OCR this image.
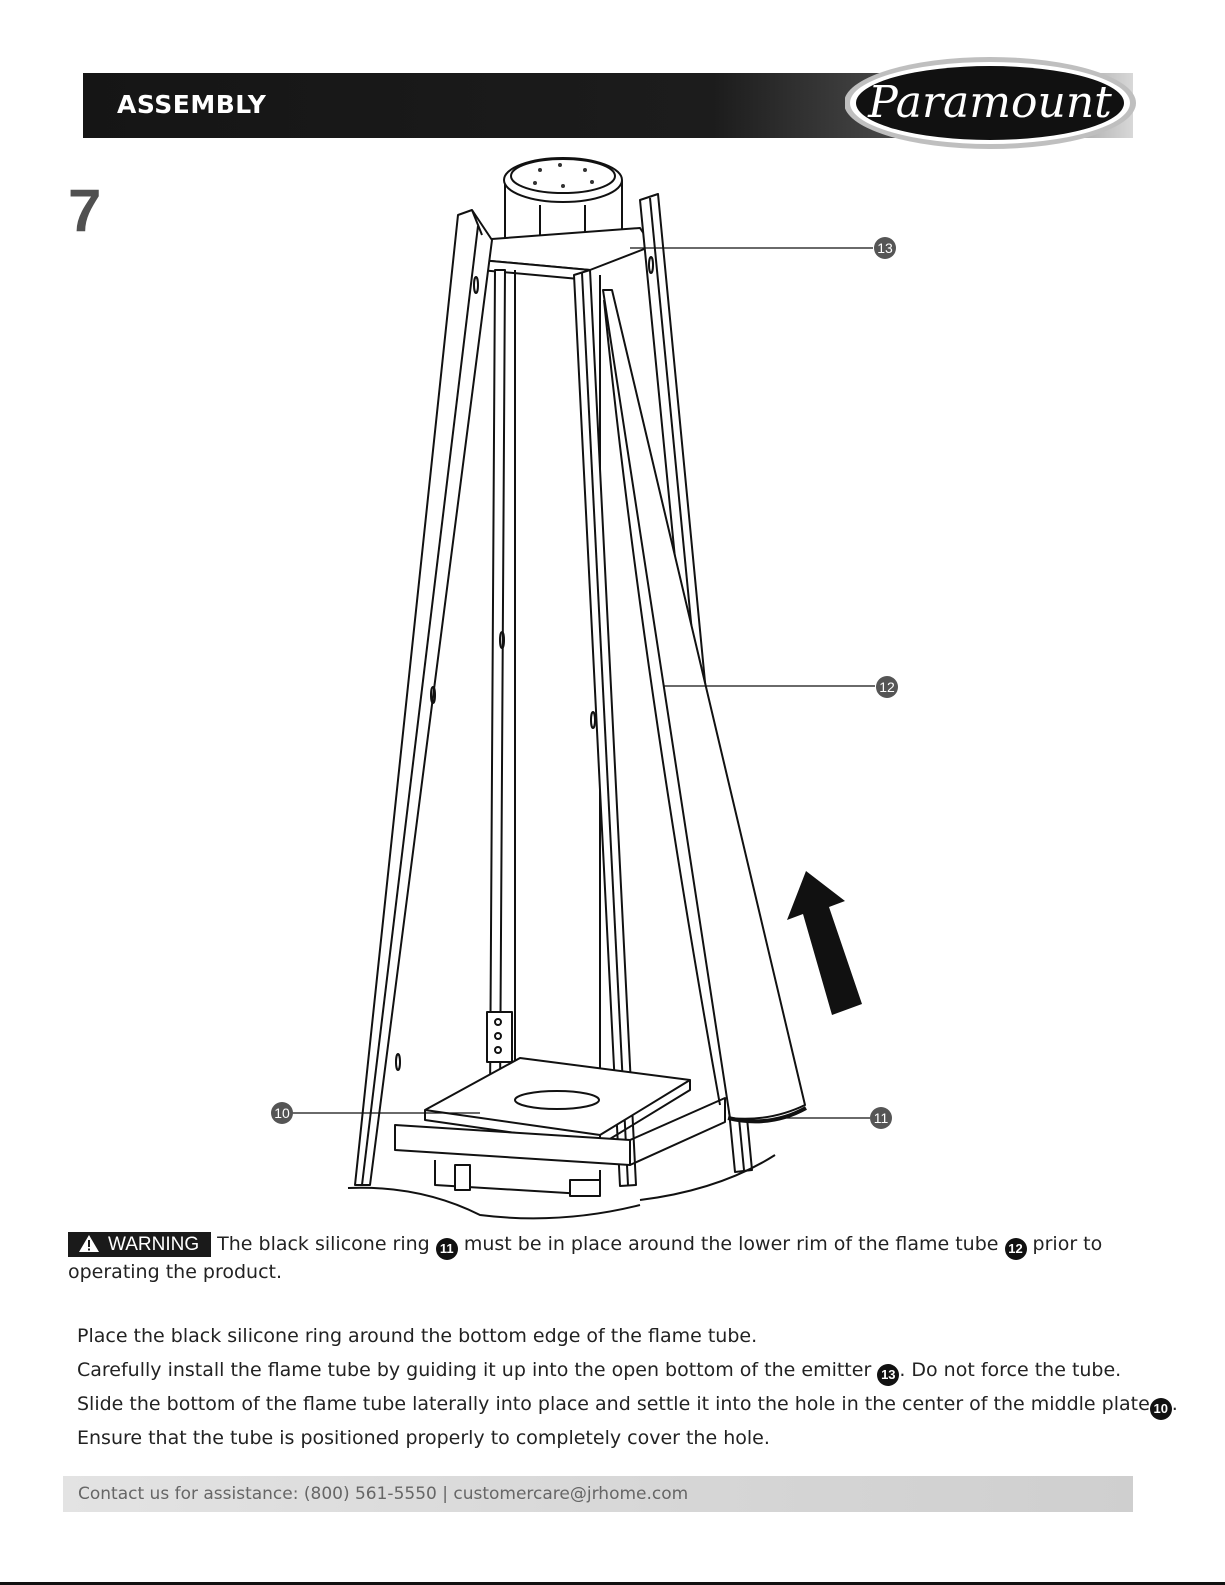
ASSEMBLY	Paramount
7
13
12
11
10
WARNING The black silicone ring 11 must be in place around the lower rim of the flame tube 12 prior to operating the product.

Place the black silicone ring around the bottom edge of the flame tube.

Carefully install the flame tube by guiding it up into the open bottom of the emitter 13 . Do not force the tube.

Slide the bottom of the flame tube laterally into place and settle it into the hole in the center of the middle plate 10 .

Ensure that the tube is positioned properly to completely cover the hole.

Contact us for assistance: (800) 561-5550 | customercare@jrhome.com
